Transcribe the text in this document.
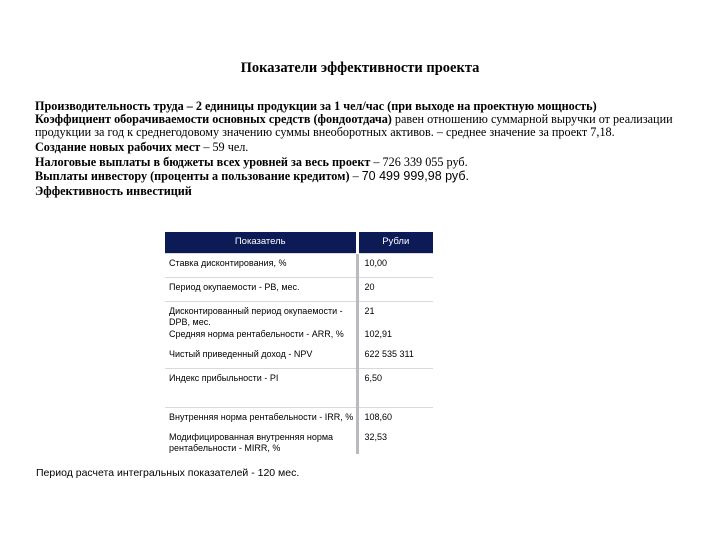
Показатели эффективности проекта

Производительность труда – 2 единицы продукции за 1 чел/час (при выходе на проектную мощность)

Коэффициент оборачиваемости основных средств (фондоотдача) равен отношению суммарной выручки от реализации продукции за год к среднегодовому значению суммы внеоборотных активов. – среднее значение за проект 7,18.

Создание новых рабочих мест – 59 чел.

Налоговые выплаты в бюджеты всех уровней за весь проект – 726 339 055 руб.

Выплаты инвестору (проценты а пользование кредитом) – 70 499 999,98 руб.

Эффективность инвестиций

Показатель	Рубли
Ставка дисконтирования, %	10,00
Период окупаемости - PB, мес.	20
Дисконтированный период окупаемости - DPB, мес.	21
Средняя норма рентабельности - ARR, %	102,91
Чистый приведенный доход - NPV	622 535 311
Индекс прибыльности - PI	6,50
Внутренняя норма рентабельности - IRR, %	108,60
Модифицированная внутренняя норма рентабельности - MIRR, %	32,53
Период расчета интегральных показателей - 120 мес.
